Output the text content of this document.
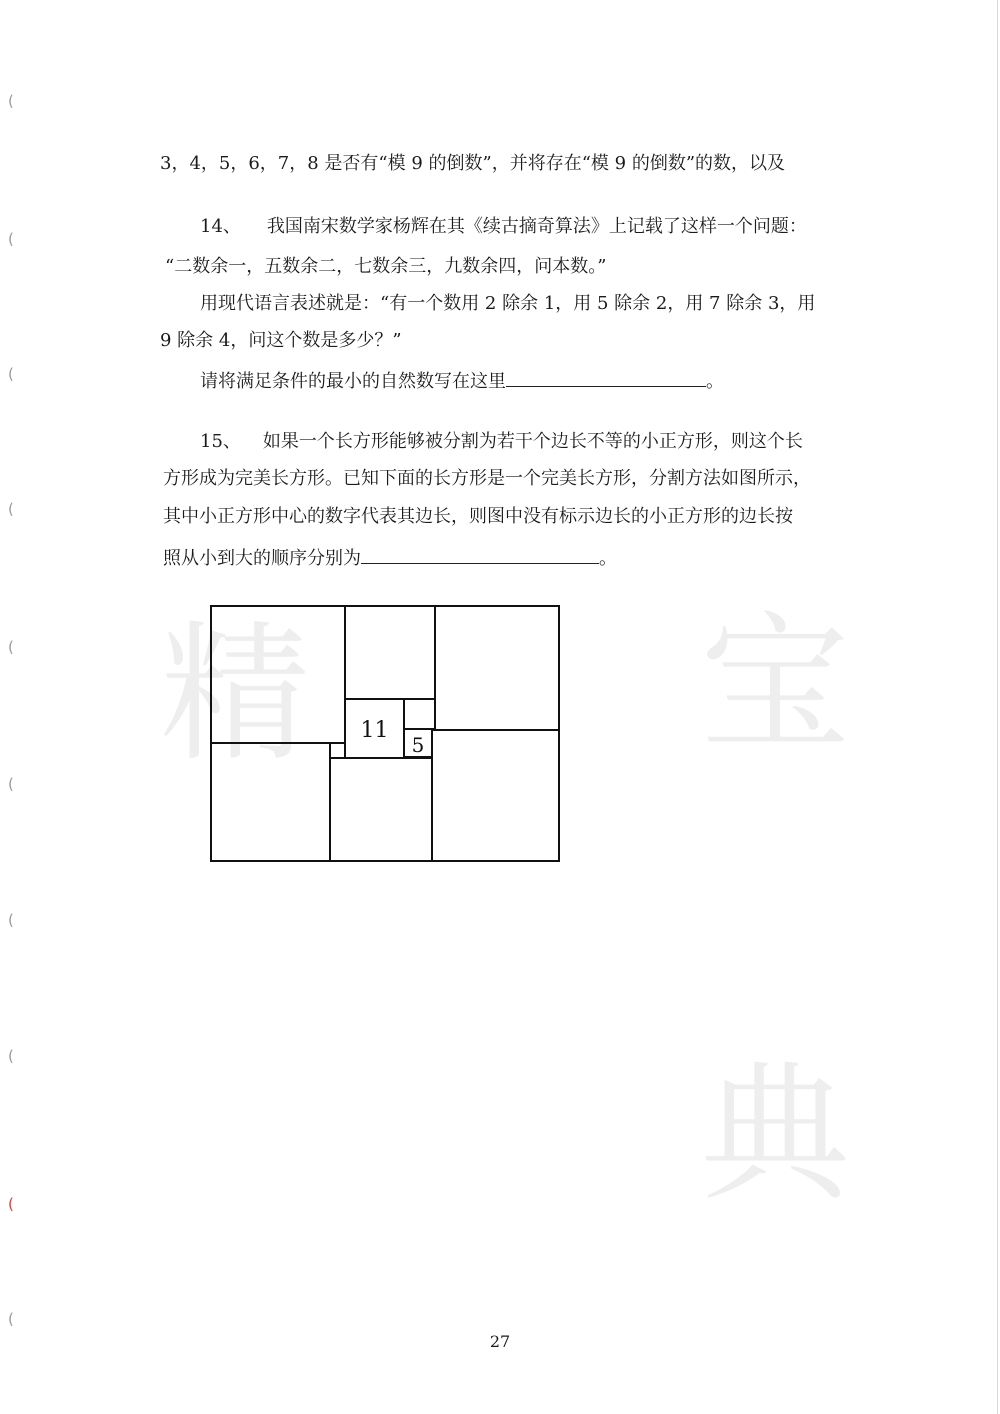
(
(
(
(
(
(
(
(
(
(
精	宝
典
3，4，5，6，7，8 是否有“模 9 的倒数”，并将存在“模 9 的倒数”的数，以及
14、 我国南宋数学家杨辉在其《续古摘奇算法》上记载了这样一个问题：
“二数余一，五数余二，七数余三，九数余四，问本数。”
用现代语言表述就是：“有一个数用 2 除余 1，用 5 除余 2，用 7 除余 3，用
9 除余 4，问这个数是多少？”
请将满足条件的最小的自然数写在这里	。
15、 如果一个长方形能够被分割为若干个边长不等的小正方形，则这个长
方形成为完美长方形。已知下面的长方形是一个完美长方形，分割方法如图所示，
其中小正方形中心的数字代表其边长，则图中没有标示边长的小正方形的边长按
照从小到大的顺序分别为	。
11
5
27
